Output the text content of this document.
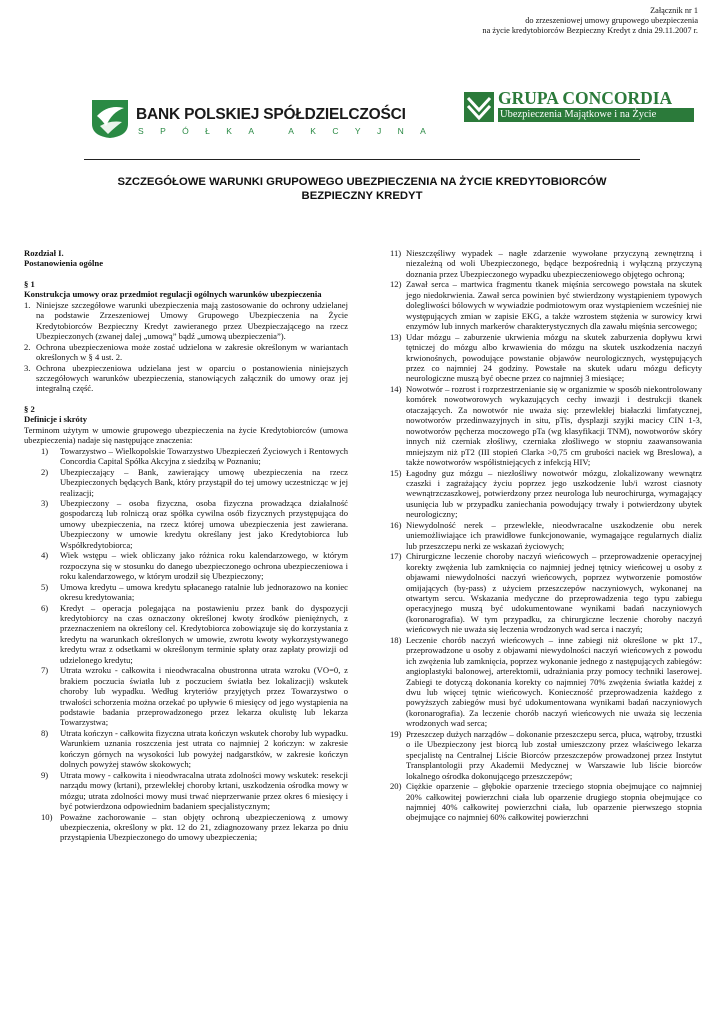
Załącznik nr 1
do zrzeszeniowej umowy grupowego ubezpieczenia
na życie kredytobiorców Bezpieczny Kredyt z dnia 29.11.2007 r.
BANK POLSKIEJ SPÓŁDZIELCZOŚCI
SPÓŁKA AKCYJNA
GRUPA CONCORDIA
Ubezpieczenia Majątkowe i na Życie
SZCZEGÓŁOWE WARUNKI GRUPOWEGO UBEZPIECZENIA NA ŻYCIE KREDYTOBIORCÓW
BEZPIECZNY KREDYT

Rozdział I.

Postanowienia ogólne

§ 1

Konstrukcja umowy oraz przedmiot regulacji ogólnych warunków ubezpieczenia

1. Niniejsze szczegółowe warunki ubezpieczenia mają zastosowanie do ochrony udzielanej na podstawie Zrzeszeniowej Umowy Grupowego Ubezpieczenia na Życie Kredytobiorców Bezpieczny Kredyt zawieranego przez Ubezpieczającego na rzecz Ubezpieczonych (zwanej dalej „umową” bądź „umową ubezpieczenia”).
2. Ochrona ubezpieczeniowa może zostać udzielona w zakresie określonym w wariantach określonych w § 4 ust. 2.
3. Ochrona ubezpieczeniowa udzielana jest w oparciu o postanowienia niniejszych szczegółowych warunków ubezpieczenia, stanowiących załącznik do umowy oraz jej integralną część.

§ 2

Definicje i skróty

Terminom użytym w umowie grupowego ubezpieczenia na życie Kredytobiorców (umowa ubezpieczenia) nadaje się następujące znaczenia:

1) Towarzystwo – Wielkopolskie Towarzystwo Ubezpieczeń Życiowych i Rentowych Concordia Capital Spółka Akcyjna z siedzibą w Poznaniu;
2) Ubezpieczający – Bank, zawierający umowę ubezpieczenia na rzecz Ubezpieczonych będących Bank, który przystąpił do tej umowy uczestnicząc w jej realizacji;
3) Ubezpieczony – osoba fizyczna, osoba fizyczna prowadząca działalność gospodarczą lub rolniczą oraz spółka cywilna osób fizycznych przystępująca do umowy ubezpieczenia, na rzecz której umowa ubezpieczenia jest zawierana. Ubezpieczony w umowie kredytu określany jest jako Kredytobiorca lub Współkredytobiorca;
4) Wiek wstępu – wiek obliczany jako różnica roku kalendarzowego, w którym rozpoczyna się w stosunku do danego ubezpieczonego ochrona ubezpieczeniowa i roku kalendarzowego, w którym urodził się Ubezpieczony;
5) Umowa kredytu – umowa kredytu spłacanego ratalnie lub jednorazowo na koniec okresu kredytowania;
6) Kredyt – operacja polegająca na postawieniu przez bank do dyspozycji kredytobiorcy na czas oznaczony określonej kwoty środków pieniężnych, z przeznaczeniem na określony cel. Kredytobiorca zobowiązuje się do korzystania z kredytu na warunkach określonych w umowie, zwrotu kwoty wykorzystywanego kredytu wraz z odsetkami w określonym terminie spłaty oraz zapłaty prowizji od udzielonego kredytu;
7) Utrata wzroku - całkowita i nieodwracalna obustronna utrata wzroku (VO=0, z brakiem poczucia światła lub z poczuciem światła bez lokalizacji) wskutek choroby lub wypadku. Według kryteriów przyjętych przez Towarzystwo o trwałości schorzenia można orzekać po upływie 6 miesięcy od jego wystąpienia na podstawie badania przeprowadzonego przez lekarza okulistę lub lekarza Towarzystwa;
8) Utrata kończyn - całkowita fizyczna utrata kończyn wskutek choroby lub wypadku. Warunkiem uznania roszczenia jest utrata co najmniej 2 kończyn: w zakresie kończyn górnych na wysokości lub powyżej nadgarstków, w zakresie kończyn dolnych powyżej stawów skokowych;
9) Utrata mowy - całkowita i nieodwracalna utrata zdolności mowy wskutek: resekcji narządu mowy (krtani), przewlekłej choroby krtani, uszkodzenia ośrodka mowy w mózgu; utrata zdolności mowy musi trwać nieprzerwanie przez okres 6 miesięcy i być potwierdzona odpowiednim badaniem specjalistycznym;
10) Poważne zachorowanie – stan objęty ochroną ubezpieczeniową z umowy ubezpieczenia, określony w pkt. 12 do 21, zdiagnozowany przez lekarza po dniu przystąpienia Ubezpieczonego do umowy ubezpieczenia;
11) Nieszczęśliwy wypadek – nagłe zdarzenie wywołane przyczyną zewnętrzną i niezależną od woli Ubezpieczonego, będące bezpośrednią i wyłączną przyczyną doznania przez Ubezpieczonego wypadku ubezpieczeniowego objętego ochroną;
12) Zawał serca – martwica fragmentu tkanek mięśnia sercowego powstała na skutek jego niedokrwienia. Zawał serca powinien być stwierdzony wystąpieniem typowych dolegliwości bólowych w wywiadzie podmiotowym oraz wystąpieniem wcześniej nie występujących zmian w zapisie EKG, a także wzrostem stężenia w surowicy krwi enzymów lub innych markerów charakterystycznych dla zawału mięśnia sercowego;
13) Udar mózgu – zaburzenie ukrwienia mózgu na skutek zaburzenia dopływu krwi tętniczej do mózgu albo krwawienia do mózgu na skutek uszkodzenia naczyń krwionośnych, powodujące powstanie objawów neurologicznych, występujących przez co najmniej 24 godziny. Powstałe na skutek udaru mózgu deficyty neurologiczne muszą być obecne przez co najmniej 3 miesiące;
14) Nowotwór – rozrost i rozprzestrzenianie się w organizmie w sposób niekontrolowany komórek nowotworowych wykazujących cechy inwazji i destrukcji tkanek otaczających. Za nowotwór nie uważa się: przewlekłej białaczki limfatycznej, nowotworów przedinwazyjnych in situ, pTis, dysplazji szyjki macicy CIN 1-3, nowotworów pęcherza moczowego pTa (wg klasyfikacji TNM), nowotworów skóry innych niż czerniak złośliwy, czerniaka złośliwego w stopniu zaawansowania mniejszym niż pT2 (III stopień Clarka >0,75 cm grubości naciek wg Breslowa), a także nowotworów współistniejących z infekcją HIV;
15) Łagodny guz mózgu – niezłośliwy nowotwór mózgu, zlokalizowany wewnątrz czaszki i zagrażający życiu poprzez jego uszkodzenie lub/i wzrost ciasnoty wewnątrzczaszkowej, potwierdzony przez neurologa lub neurochirurga, wymagający usunięcia lub w przypadku zaniechania powodujący trwały i potwierdzony ubytek neurologiczny;
16) Niewydolność nerek – przewlekłe, nieodwracalne uszkodzenie obu nerek uniemożliwiające ich prawidłowe funkcjonowanie, wymagające regularnych dializ lub przeszczepu nerki ze wskazań życiowych;
17) Chirurgiczne leczenie choroby naczyń wieńcowych – przeprowadzenie operacyjnej korekty zwężenia lub zamknięcia co najmniej jednej tętnicy wieńcowej u osoby z objawami niewydolności naczyń wieńcowych, poprzez wytworzenie pomostów omijających (by-pass) z użyciem przeszczepów naczyniowych, wykonanej na otwartym sercu. Wskazania medyczne do przeprowadzenia tego typu zabiegu operacyjnego muszą być udokumentowane wynikami badań naczyniowych (koronarografia). W tym przypadku, za chirurgiczne leczenie choroby naczyń wieńcowych nie uważa się leczenia wrodzonych wad serca i naczyń;
18) Leczenie chorób naczyń wieńcowych – inne zabiegi niż określone w pkt 17., przeprowadzone u osoby z objawami niewydolności naczyń wieńcowych z powodu ich zwężenia lub zamknięcia, poprzez wykonanie jednego z następujących zabiegów: angioplastyki balonowej, arterektomii, udrażniania przy pomocy techniki laserowej. Zabiegi te dotyczą dokonania korekty co najmniej 70% zwężenia światła każdej z dwu lub więcej tętnic wieńcowych. Konieczność przeprowadzenia każdego z powyższych zabiegów musi być udokumentowana wynikami badań naczyniowych (koronarografia). Za leczenie chorób naczyń wieńcowych nie uważa się leczenia wrodzonych wad serca;
19) Przeszczep dużych narządów – dokonanie przeszczepu serca, płuca, wątroby, trzustki o ile Ubezpieczony jest biorcą lub został umieszczony przez właściwego lekarza specjalistę na Centralnej Liście Biorców przeszczepów prowadzonej przez Instytut Transplantologii przy Akademii Medycznej w Warszawie lub liście biorców lokalnego ośrodka dokonującego przeszczepów;
20) Ciężkie oparzenie – głębokie oparzenie trzeciego stopnia obejmujące co najmniej 20% całkowitej powierzchni ciała lub oparzenie drugiego stopnia obejmujące co najmniej 40% całkowitej powierzchni ciała, lub oparzenie pierwszego stopnia obejmujące co najmniej 60% całkowitej powierzchni
